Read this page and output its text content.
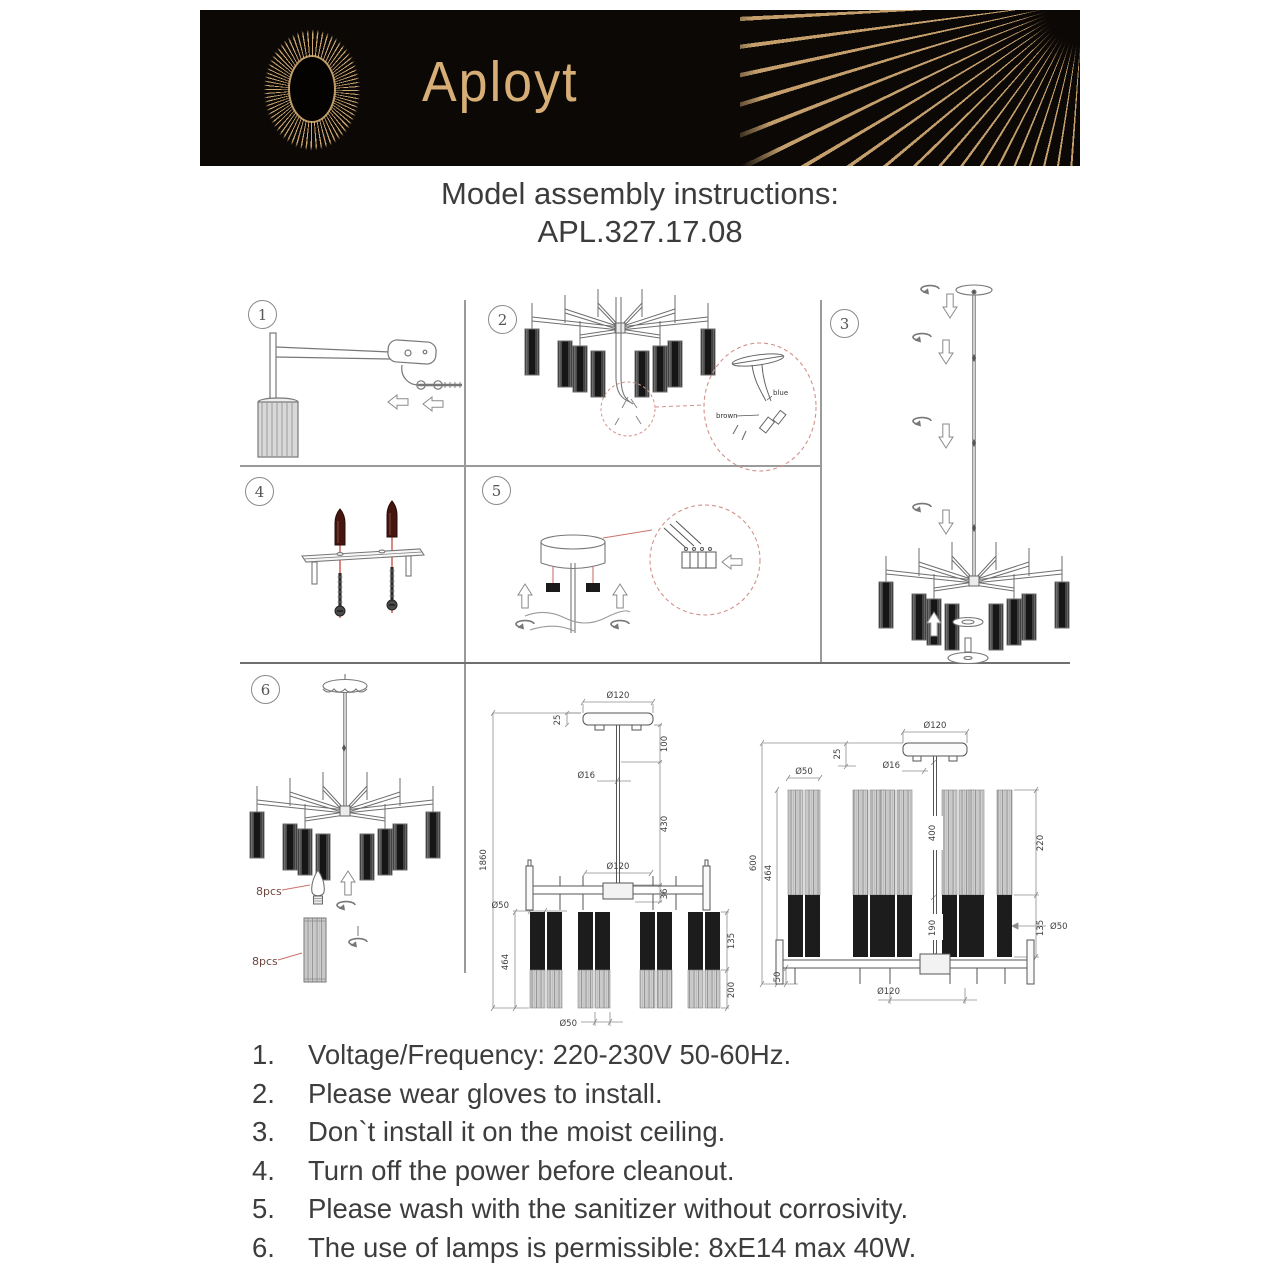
Aployt
Model assembly instructions:
APL.327.17.08
1	2	3
4	5
6
blue
brown
8pcs
8pcs
Ø120
25
100
Ø16
430
Ø120
36
Ø50
1860
464
135
200
Ø50
25
Ø120
Ø16
Ø50
400
190
600
464
220
135 Ø50
Ø120
50
1.	Voltage/Frequency: 220-230V 50-60Hz.
2.	Please wear gloves to install.
3.	Don`t install it on the moist ceiling.
4.	Turn off the power before cleanout.
5.	Please wash with the sanitizer without corrosivity.
6.	The use of lamps is permissible: 8xE14 max 40W.
